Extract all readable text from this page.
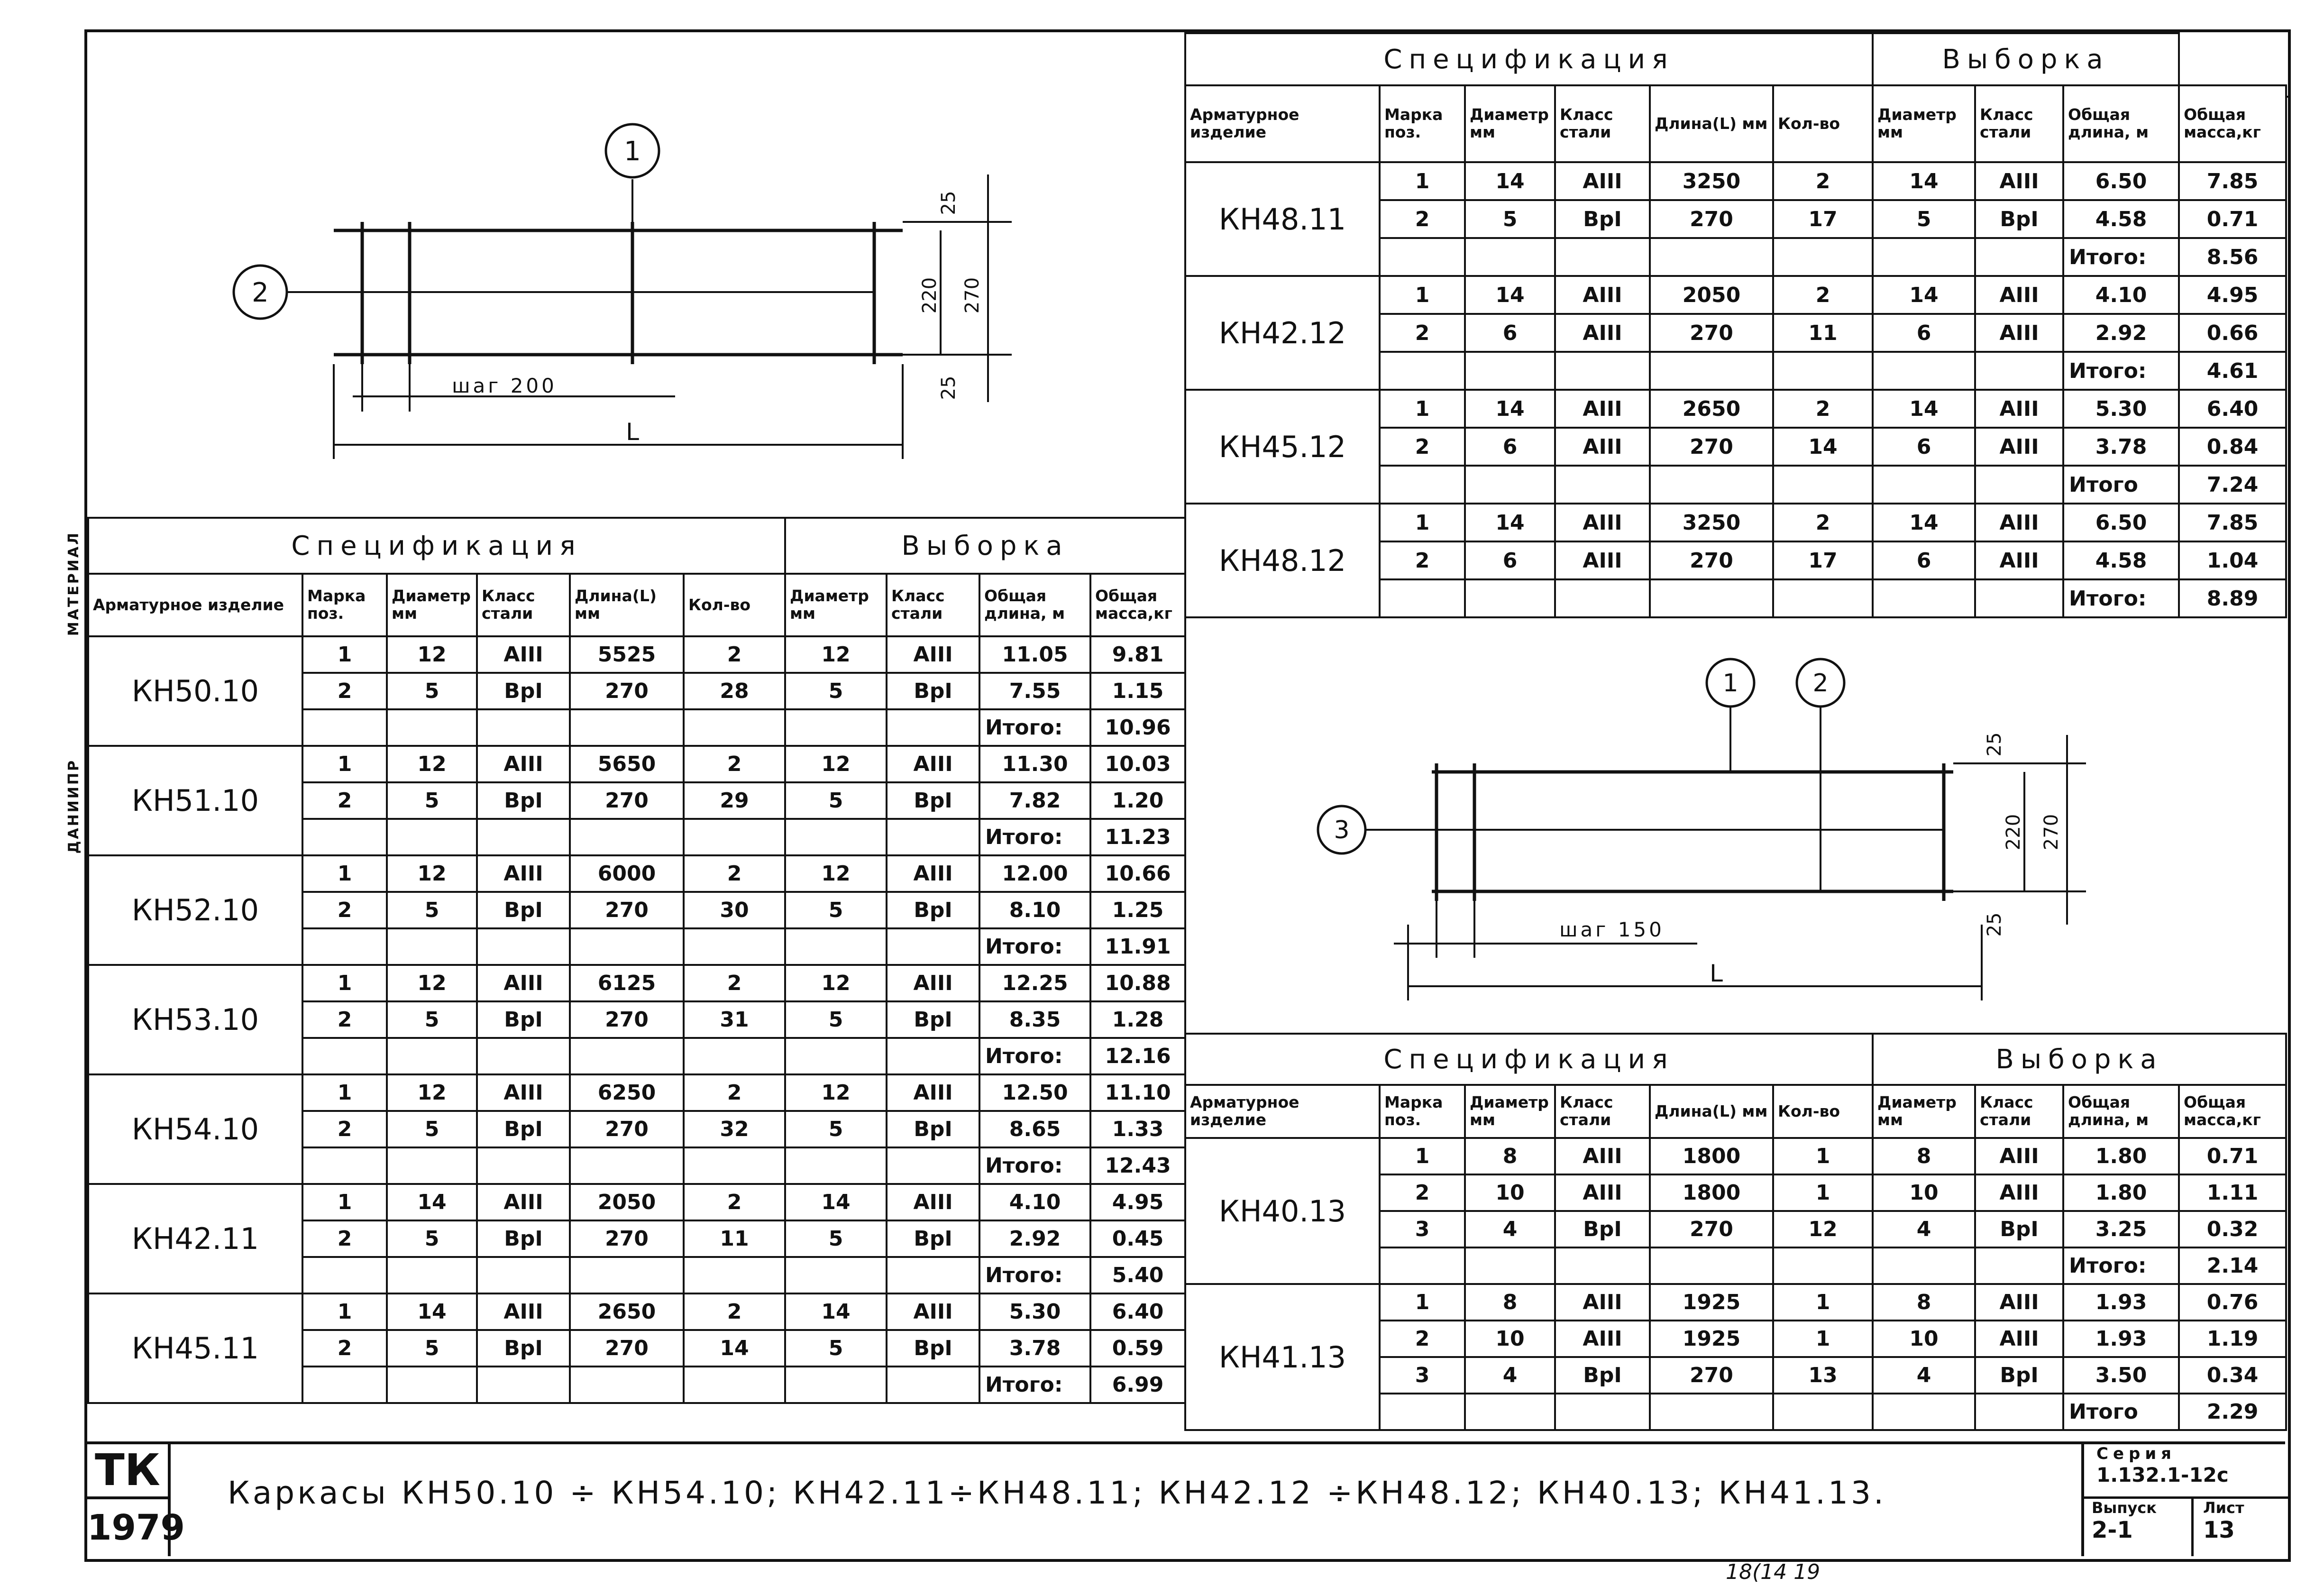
МАТЕРИАЛ
ДАНИИПР
1
2
шаг 200
L
25
220 270
25
1	2
3
шаг 150
L
25
220 270
25
Спецификация						Выборка			
Арматурное изделие	Марка поз.	Диаметр мм	Класс стали	Длина(L) мм	Кол-во	Диаметр мм	Класс стали	Общая длина, м	Общая масса,кг
КН50.10	1	12	АIII	5525	2	12	АIII	11.05	9.81
	2	5	ВрI	270	28	5	ВрI	7.55	1.15
								Итого:	10.96
КН51.10	1	12	АIII	5650	2	12	АIII	11.30	10.03
	2	5	ВрI	270	29	5	ВрI	7.82	1.20
								Итого:	11.23
КН52.10	1	12	АIII	6000	2	12	АIII	12.00	10.66
	2	5	ВрI	270	30	5	ВрI	8.10	1.25
								Итого:	11.91
КН53.10	1	12	АIII	6125	2	12	АIII	12.25	10.88
	2	5	ВрI	270	31	5	ВрI	8.35	1.28
								Итого:	12.16
КН54.10	1	12	АIII	6250	2	12	АIII	12.50	11.10
	2	5	ВрI	270	32	5	ВрI	8.65	1.33
								Итого:	12.43
КН42.11	1	14	АIII	2050	2	14	АIII	4.10	4.95
	2	5	ВрI	270	11	5	ВрI	2.92	0.45
								Итого:	5.40
КН45.11	1	14	АIII	2650	2	14	АIII	5.30	6.40
	2	5	ВрI	270	14	5	ВрI	3.78	0.59
								Итого:	6.99
Спецификация						Выборка			
Арматурное изделие	Марка поз.	Диаметр мм	Класс стали	Длина(L) мм	Кол-во	Диаметр мм	Класс стали	Общая длина, м	Общая масса,кг
КН48.11	1	14	АIII	3250	2	14	АIII	6.50	7.85
	2	5	ВрI	270	17	5	ВрI	4.58	0.71
								Итого:	8.56
КН42.12	1	14	АIII	2050	2	14	АIII	4.10	4.95
	2	6	АIII	270	11	6	АIII	2.92	0.66
								Итого:	4.61
КН45.12	1	14	АIII	2650	2	14	АIII	5.30	6.40
	2	6	АIII	270	14	6	АIII	3.78	0.84
								Итого	7.24
КН48.12	1	14	АIII	3250	2	14	АIII	6.50	7.85
	2	6	АIII	270	17	6	АIII	4.58	1.04
								Итого:	8.89
Спецификация						Выборка			
Арматурное изделие	Марка поз.	Диаметр мм	Класс стали	Длина(L) мм	Кол-во	Диаметр мм	Класс стали	Общая длина, м	Общая масса,кг
КН40.13	1	8	АIII	1800	1	8	АIII	1.80	0.71
	2	10	АIII	1800	1	10	АIII	1.80	1.11
	3	4	ВрI	270	12	4	ВрI	3.25	0.32
								Итого:	2.14
КН41.13	1	8	АIII	1925	1	8	АIII	1.93	0.76
	2	10	АIII	1925	1	10	АIII	1.93	1.19
	3	4	ВрI	270	13	4	ВрI	3.50	0.34
								Итого	2.29
ТК
1979
Каркасы КН50.10 ÷ КН54.10; КН42.11÷КН48.11; КН42.12 ÷КН48.12; КН40.13; КН41.13.
Серия
1.132.1-12с
Выпуск
2-1
Лист
13
18(14 19
